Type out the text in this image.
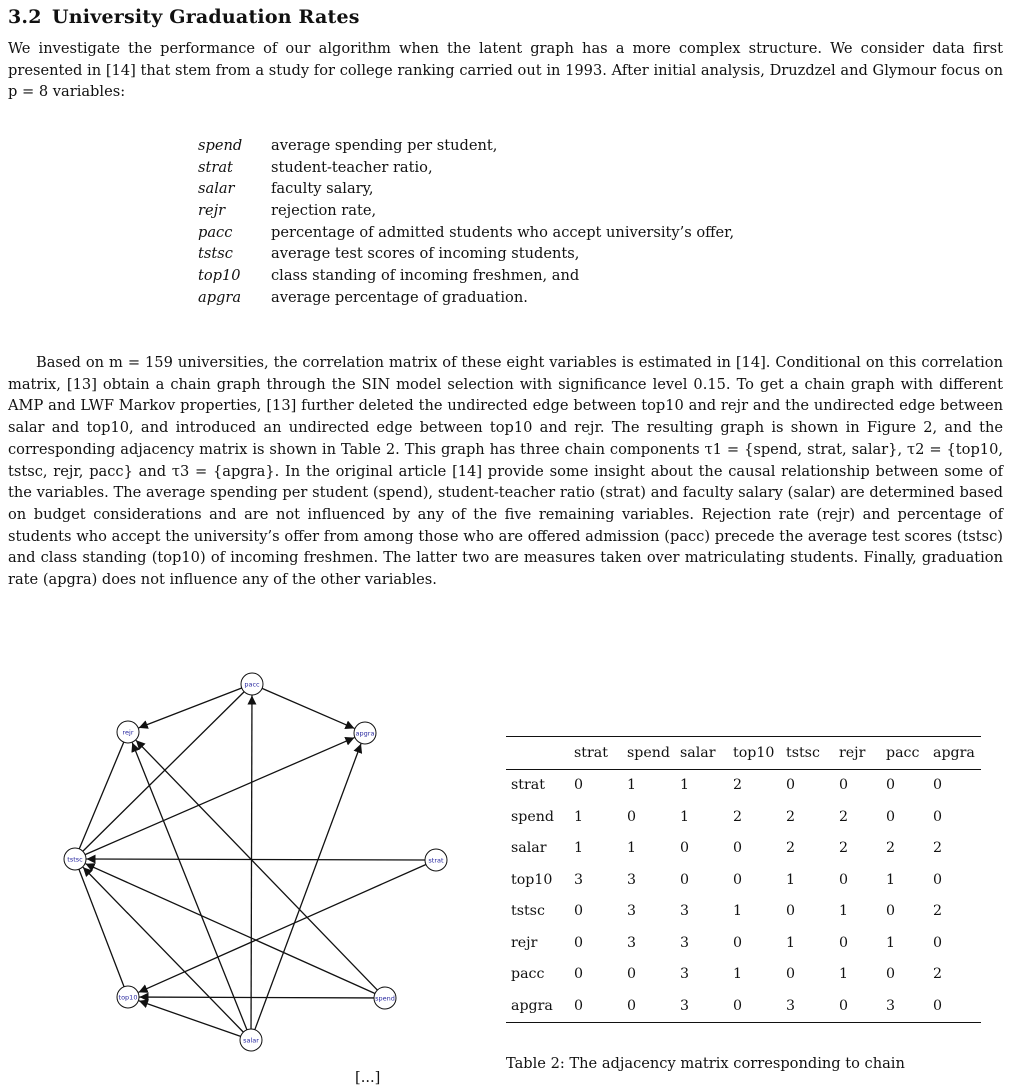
3.2 University Graduation Rates

We investigate the performance of our algorithm when the latent graph has a more complex structure. We consider data first presented in [14] that stem from a study for college ranking carried out in 1993. After initial analysis, Druzdzel and Glymour focus on p = 8 variables:

spend	average spending per student,
strat	student-teacher ratio,
salar	faculty salary,
rejr	rejection rate,
pacc	percentage of admitted students who accept university’s offer,
tstsc	average test scores of incoming students,
top10	class standing of incoming freshmen, and
apgra	average percentage of graduation.

Based on m = 159 universities, the correlation matrix of these eight variables is estimated in [14]. Conditional on this correlation matrix, [13] obtain a chain graph through the SIN model selection with significance level 0.15. To get a chain graph with different AMP and LWF Markov properties, [13] further deleted the undirected edge between top10 and rejr and the undirected edge between salar and top10, and introduced an undirected edge between top10 and rejr. The resulting graph is shown in Figure 2, and the corresponding adjacency matrix is shown in Table 2. This graph has three chain components τ1 = {spend, strat, salar}, τ2 = {top10, tstsc, rejr, pacc} and τ3 = {apgra}. In the original article [14] provide some insight about the causal relationship between some of the variables. The average spending per student (spend), student-teacher ratio (strat) and faculty salary (salar) are determined based on budget considerations and are not influenced by any of the five remaining variables. Rejection rate (rejr) and percentage of students who accept the university’s offer from among those who are offered admission (pacc) precede the average test scores (tstsc) and class standing (top10) of incoming freshmen. The latter two are measures taken over matriculating students. Finally, graduation rate (apgra) does not influence any of the other variables.

pacc
apgra
strat
spend
salar
top10
tstsc
rejr
	strat	spend	salar	top10	tstsc	rejr	pacc	apgra
strat	0	1	1	2	0	0	0	0
spend	1	0	1	2	2	2	0	0
salar	1	1	0	0	2	2	2	2
top10	3	3	0	0	1	0	1	0
tstsc	0	3	3	1	0	1	0	2
rejr	0	3	3	0	1	0	1	0
pacc	0	0	3	1	0	1	0	2
apgra	0	0	3	0	3	0	3	0

Table 2: The adjacency matrix corresponding to chain

[...]
